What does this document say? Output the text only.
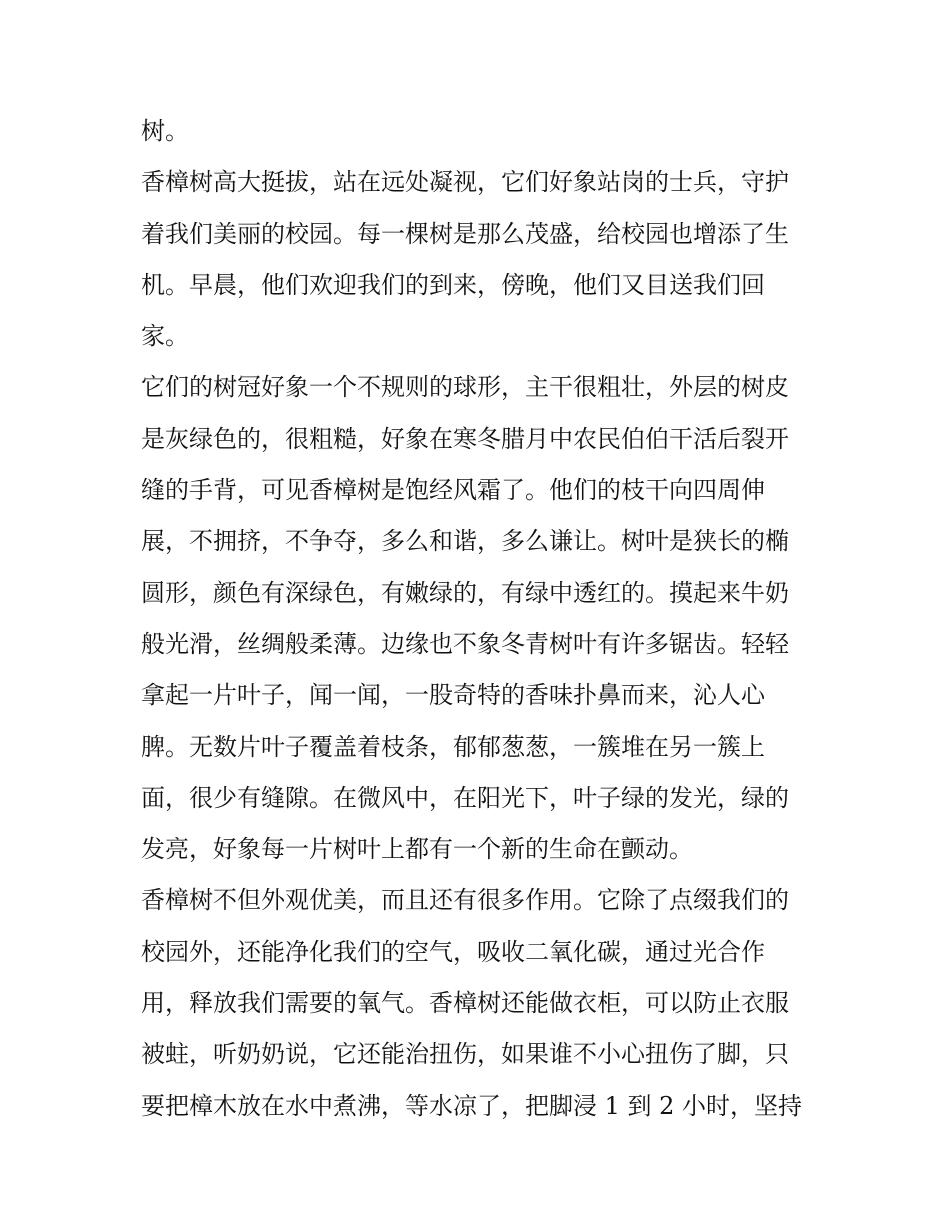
树。
香樟树高大挺拔，站在远处凝视，它们好象站岗的士兵，守护
着我们美丽的校园。每一棵树是那么茂盛，给校园也增添了生
机。早晨，他们欢迎我们的到来，傍晚，他们又目送我们回
家。
它们的树冠好象一个不规则的球形，主干很粗壮，外层的树皮
是灰绿色的，很粗糙，好象在寒冬腊月中农民伯伯干活后裂开
缝的手背，可见香樟树是饱经风霜了。他们的枝干向四周伸
展，不拥挤，不争夺，多么和谐，多么谦让。树叶是狭长的椭
圆形，颜色有深绿色，有嫩绿的，有绿中透红的。摸起来牛奶
般光滑，丝绸般柔薄。边缘也不象冬青树叶有许多锯齿。轻轻
拿起一片叶子，闻一闻，一股奇特的香味扑鼻而来，沁人心
脾。无数片叶子覆盖着枝条，郁郁葱葱，一簇堆在另一簇上
面，很少有缝隙。在微风中，在阳光下，叶子绿的发光，绿的
发亮，好象每一片树叶上都有一个新的生命在颤动。
香樟树不但外观优美，而且还有很多作用。它除了点缀我们的
校园外，还能净化我们的空气，吸收二氧化碳，通过光合作
用，释放我们需要的氧气。香樟树还能做衣柜，可以防止衣服
被蛀，听奶奶说，它还能治扭伤，如果谁不小心扭伤了脚，只
要把樟木放在水中煮沸，等水凉了，把脚浸 1 到 2 小时，坚持
